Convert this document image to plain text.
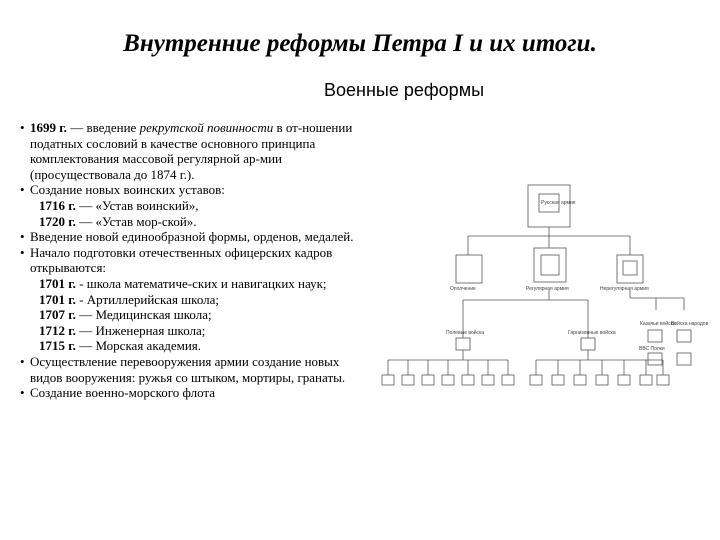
Внутренние реформы Петра I и их итоги.
Военные реформы
• 1699 г. — введение рекрутской повинности в от-ношении податных сословий в качестве основного принципа комплектования массовой регулярной ар-мии (просуществовала до 1874 г.).
• Создание новых воинских уставов:
1716 г. — «Устав воинский»,
1720 г. — «Устав мор-ской».
• Введение новой единообразной формы, орденов, медалей.
• Начало подготовки отечественных офицерских кадров открываются:
1701 г. - школа математиче-ских и навигацких наук;
1701 г. - Артиллерийская школа;
1707 г. — Медицинская школа;
1712 г. — Инженерная школа;
1715 г. — Морская академия.
• Осуществление перевооружения армии создание новых видов вооружения: ружья со штыком, мортиры, гранаты.
• Создание военно-морского флота
Русская армия
Ополчение	Регулярная армия	Нерегулярная армия
Полевые войска	Гарнизонные войска
Казачьи войска
Войска народов
ВВС Полки
